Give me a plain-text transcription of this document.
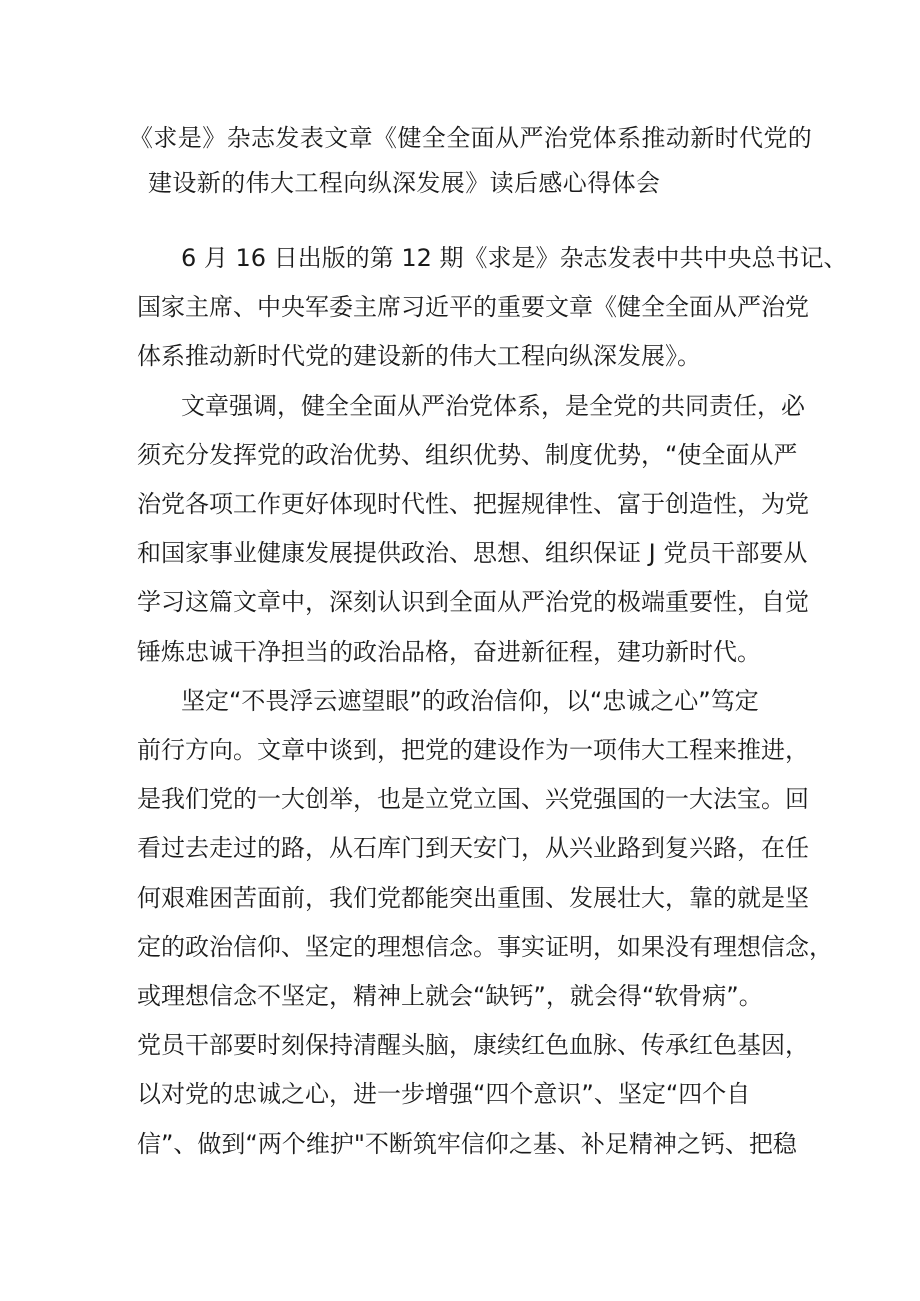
《求是》杂志发表文章《健全全面从严治党体系推动新时代党的
建设新的伟大工程向纵深发展》读后感心得体会

6 月 16 日出版的第 12 期《求是》杂志发表中共中央总书记、
国家主席、中央军委主席习近平的重要文章《健全全面从严治党
体系推动新时代党的建设新的伟大工程向纵深发展》。

文章强调，健全全面从严治党体系，是全党的共同责任，必
须充分发挥党的政治优势、组织优势、制度优势，“使全面从严
治党各项工作更好体现时代性、把握规律性、富于创造性，为党
和国家事业健康发展提供政治、思想、组织保证 J 党员干部要从
学习这篇文章中，深刻认识到全面从严治党的极端重要性，自觉
锤炼忠诚干净担当的政治品格，奋进新征程，建功新时代。

坚定“不畏浮云遮望眼”的政治信仰，以“忠诚之心”笃定
前行方向。文章中谈到，把党的建设作为一项伟大工程来推进，
是我们党的一大创举，也是立党立国、兴党强国的一大法宝。回
看过去走过的路，从石库门到天安门，从兴业路到复兴路，在任
何艰难困苦面前，我们党都能突出重围、发展壮大，靠的就是坚
定的政治信仰、坚定的理想信念。事实证明，如果没有理想信念，
或理想信念不坚定，精神上就会“缺钙”，就会得“软骨病”。
党员干部要时刻保持清醒头脑，康续红色血脉、传承红色基因，
以对党的忠诚之心，进一步增强“四个意识”、坚定“四个自
信”、做到“两个维护"不断筑牢信仰之基、补足精神之钙、把稳
